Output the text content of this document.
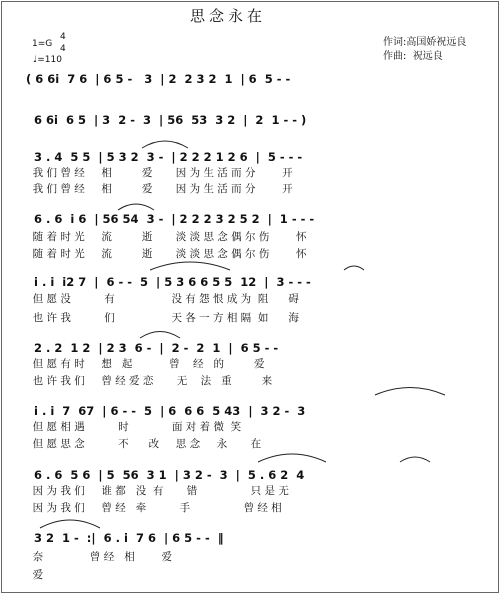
思念永在
作词:高国娇祝远良
作曲:  祝远良
1=G
4
4
♩=110
( 6 6i  7 6  | 6 5 -   3  | 2  2 3 2  1  | 6  5 - -
6 6i  6 5  | 3  2 -  3  | 56  53  3 2  |  2  1 - - )
3 . 4  5 5  | 5 3 2  3 -  | 2 2 2 1 2 6  |  5 - - -
我 们 曾 经     相         爱       因 为 生 活 而 分        开
我 们 曾 经     相         爱       因 为 生 活 而 分        开
6 . 6  i 6  | 56 54  3 -  | 2 2 2 3 2 5 2  |  1 - - -
随 着 时 光     流         逝       淡 淡 思 念 偶 尔 伤        怀
随 着 时 光     流         逝       淡 淡 思 念 偶 尔 伤        怀
i . i  i2 7  |  6 - -  5  | 5 3 6 6 5 5  12  |  3 - - -
但 愿 没          有                 没 有 怨 恨 成 为  阻      碍
也 许 我          们                 天 各 一 方 相 隔  如      海
2 . 2  1 2  | 2 3  6 -  |  2 -  2  1  |  6 5 - -
但 愿 有 时     想   起           曾    经   的         爱
也 许 我 们     曾 经 爱 恋       无    法   重         来
i . i  7  67  | 6 - -  5  | 6  6 6  5 43  |  3 2 -  3
但 愿 相 遇          时             面 对 着 微  笑
但 愿 思 念          不      改     思 念     永       在
6 . 6  5 6  | 5  56  3 1  | 3 2 -  3  |  5 . 6 2  4
因 为 我 们     谁 都   没  有       错                只 是 无
因 为 我 们     曾 经   牵          手                曾 经 相
3 2  1 -  :|  6 . i  7 6  | 6 5 - -  ‖
奈              曾 经   相        爱
爱
